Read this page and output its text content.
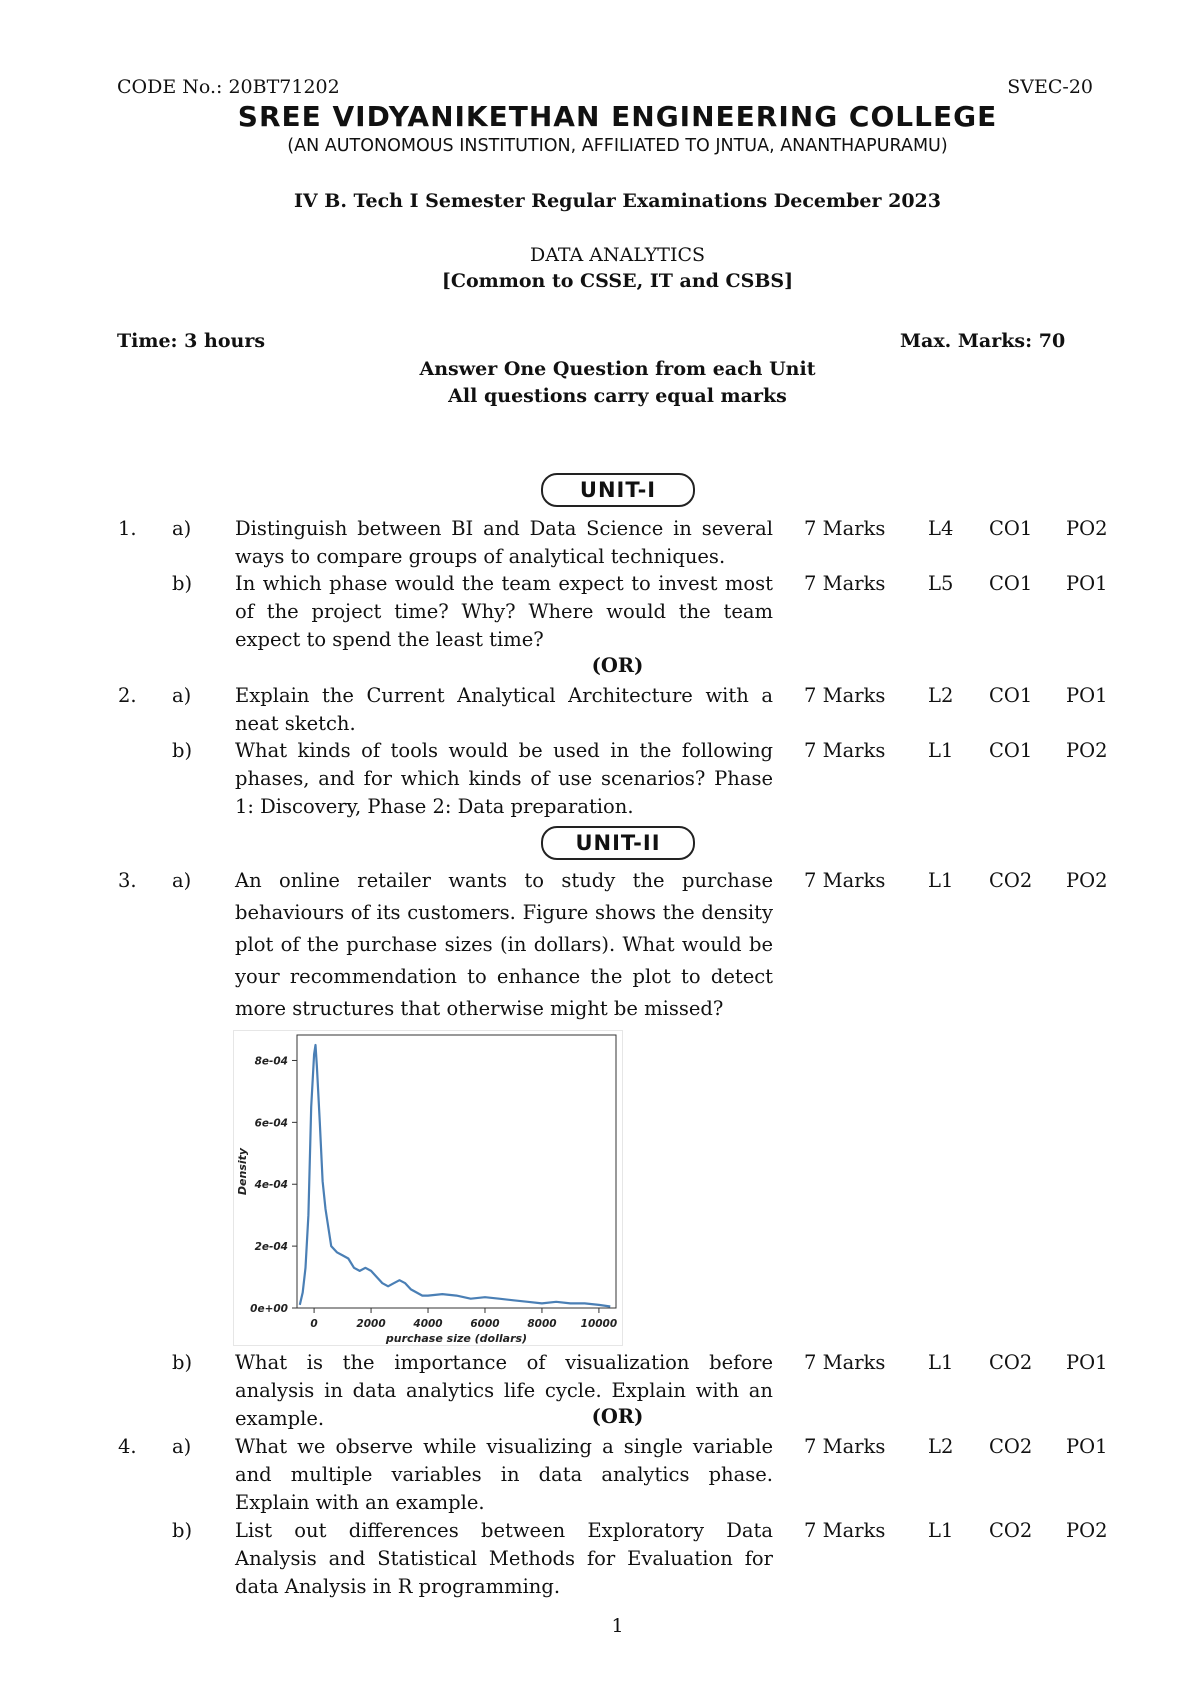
CODE No.: 20BT71202	SVEC-20
SREE VIDYANIKETHAN ENGINEERING COLLEGE
(AN AUTONOMOUS INSTITUTION, AFFILIATED TO JNTUA, ANANTHAPURAMU)
IV B. Tech I Semester Regular Examinations December 2023
DATA ANALYTICS
[Common to CSSE, IT and CSBS]
Time: 3 hours	Max. Marks: 70
Answer One Question from each Unit
All questions carry equal marks
UNIT-I
1. a) Distinguish between BI and Data Science in several ways to compare groups of analytical techniques.
7 Marks L4 CO1 PO2
b) In which phase would the team expect to invest most of the project time? Why? Where would the team expect to spend the least time?
7 Marks L5 CO1 PO1
(OR)
2. a) Explain the Current Analytical Architecture with a neat sketch.
7 Marks L2 CO1 PO1
b) What kinds of tools would be used in the following phases, and for which kinds of use scenarios? Phase 1: Discovery, Phase 2: Data preparation.
7 Marks L1 CO1 PO2
UNIT-II
3. a) An online retailer wants to study the purchase behaviours of its customers. Figure shows the density plot of the purchase sizes (in dollars). What would be your recommendation to enhance the plot to detect more structures that otherwise might be missed?
7 Marks L1 CO2 PO2
0e+00
2e-04
4e-04
6e-04
8e-04
0	2000	4000	6000	8000 10000
purchase size (dollars)
Density
b) What is the importance of visualization before analysis in data analytics life cycle. Explain with an example.
7 Marks L1 CO2 PO1
(OR)
4. a) What we observe while visualizing a single variable and multiple variables in data analytics phase. Explain with an example.
7 Marks L2 CO2 PO1
b) List out differences between Exploratory Data Analysis and Statistical Methods for Evaluation for data Analysis in R programming.
7 Marks L1 CO2 PO2
1
